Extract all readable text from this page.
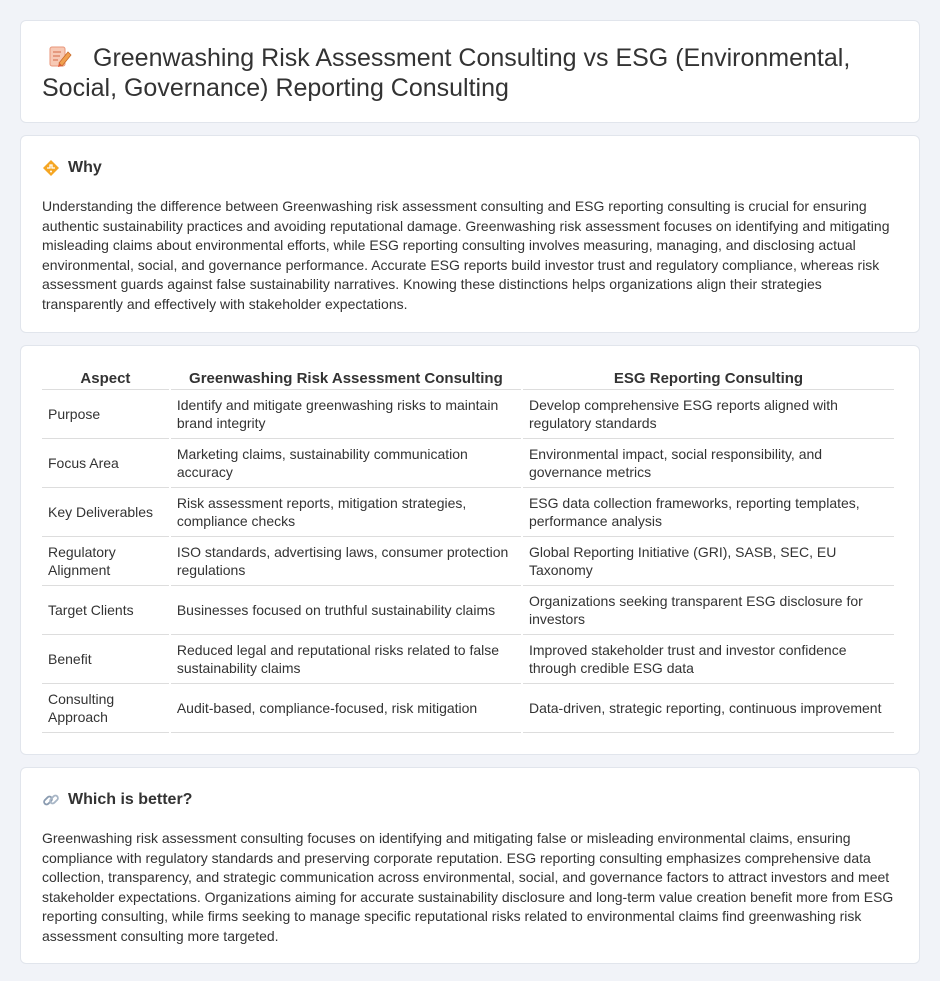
Greenwashing Risk Assessment Consulting vs ESG (Environmental, Social, Governance) Reporting Consulting
Why

Understanding the difference between Greenwashing risk assessment consulting and ESG reporting consulting is crucial for ensuring authentic sustainability practices and avoiding reputational damage. Greenwashing risk assessment focuses on identifying and mitigating misleading claims about environmental efforts, while ESG reporting consulting involves measuring, managing, and disclosing actual environmental, social, and governance performance. Accurate ESG reports build investor trust and regulatory compliance, whereas risk assessment guards against false sustainability narratives. Knowing these distinctions helps organizations align their strategies transparently and effectively with stakeholder expectations.

Aspect	Greenwashing Risk Assessment Consulting	ESG Reporting Consulting
Purpose	Identify and mitigate greenwashing risks to maintain brand integrity	Develop comprehensive ESG reports aligned with regulatory standards
Focus Area	Marketing claims, sustainability communication accuracy	Environmental impact, social responsibility, and governance metrics
Key Deliverables	Risk assessment reports, mitigation strategies, compliance checks	ESG data collection frameworks, reporting templates, performance analysis
Regulatory Alignment	ISO standards, advertising laws, consumer protection regulations	Global Reporting Initiative (GRI), SASB, SEC, EU Taxonomy
Target Clients	Businesses focused on truthful sustainability claims	Organizations seeking transparent ESG disclosure for investors
Benefit	Reduced legal and reputational risks related to false sustainability claims	Improved stakeholder trust and investor confidence through credible ESG data
Consulting Approach	Audit-based, compliance-focused, risk mitigation	Data-driven, strategic reporting, continuous improvement
Which is better?

Greenwashing risk assessment consulting focuses on identifying and mitigating false or misleading environmental claims, ensuring compliance with regulatory standards and preserving corporate reputation. ESG reporting consulting emphasizes comprehensive data collection, transparency, and strategic communication across environmental, social, and governance factors to attract investors and meet stakeholder expectations. Organizations aiming for accurate sustainability disclosure and long-term value creation benefit more from ESG reporting consulting, while firms seeking to manage specific reputational risks related to environmental claims find greenwashing risk assessment consulting more targeted.
